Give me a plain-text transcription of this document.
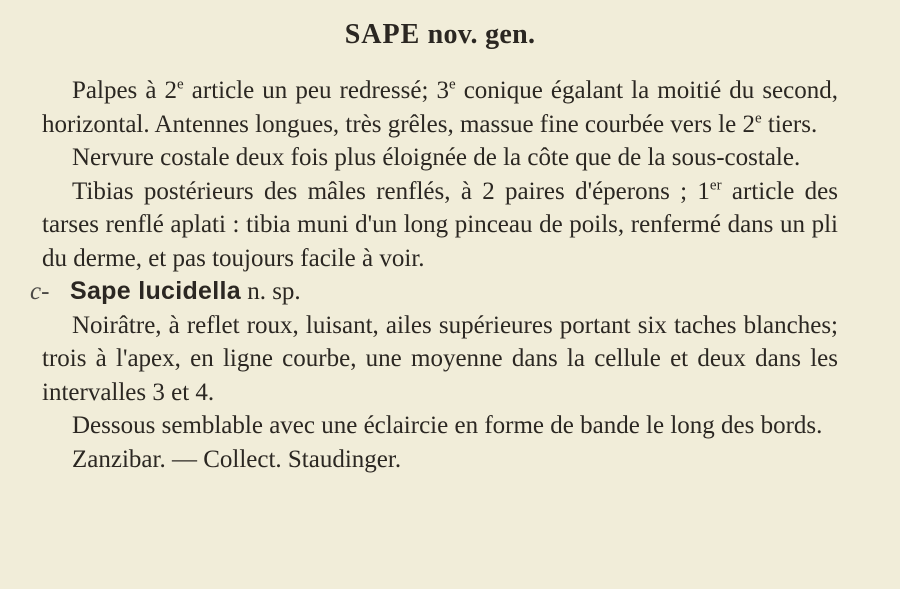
SAPE nov. gen.

Palpes à 2e article un peu redressé; 3e conique égalant la moitié du second, horizontal. Antennes longues, très grêles, massue fine courbée vers le 2e tiers.

Nervure costale deux fois plus éloignée de la côte que de la sous-costale.

Tibias postérieurs des mâles renflés, à 2 paires d'éperons ; 1er article des tarses renflé aplati : tibia muni d'un long pinceau de poils, renfermé dans un pli du derme, et pas toujours facile à voir.

c- Sape lucidella n. sp.

Noirâtre, à reflet roux, luisant, ailes supérieures portant six taches blanches; trois à l'apex, en ligne courbe, une moyenne dans la cellule et deux dans les intervalles 3 et 4.

Dessous semblable avec une éclaircie en forme de bande le long des bords.

Zanzibar. — Collect. Staudinger.
